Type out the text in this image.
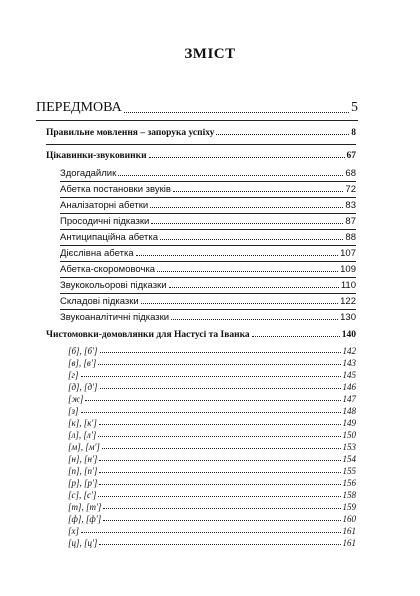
ЗМІСТ
ПЕРЕДМОВА	5
Правильне мовлення – запорука успіху	8
Цікавинки-звуковинки	67
Здогадайлик	68
Абетка постановки звуків	72
Аналізаторні абетки	83
Просодичні підказки	87
Антиципаційна абетка	88
Дієслівна абетка	107
Абетка-скоромовочка	109
Звукокольорові підказки	110
Складові підказки	122
Звукоаналітичні підказки	130
Чистомовки-домовлянки для Настусі та Іванка	140
[б], [б']	142
[в], [в']	143
[г]	145
[д], [д']	146
[ж]	147
[з]	148
[к], [к']	149
[л], [л']	150
[м], [м']	153
[н], [н']	154
[п], [п']	155
[р], [р']	156
[с], [с']	158
[т], [т']	159
[ф], [ф']	160
[х]	161
[ц], [ц']	161
